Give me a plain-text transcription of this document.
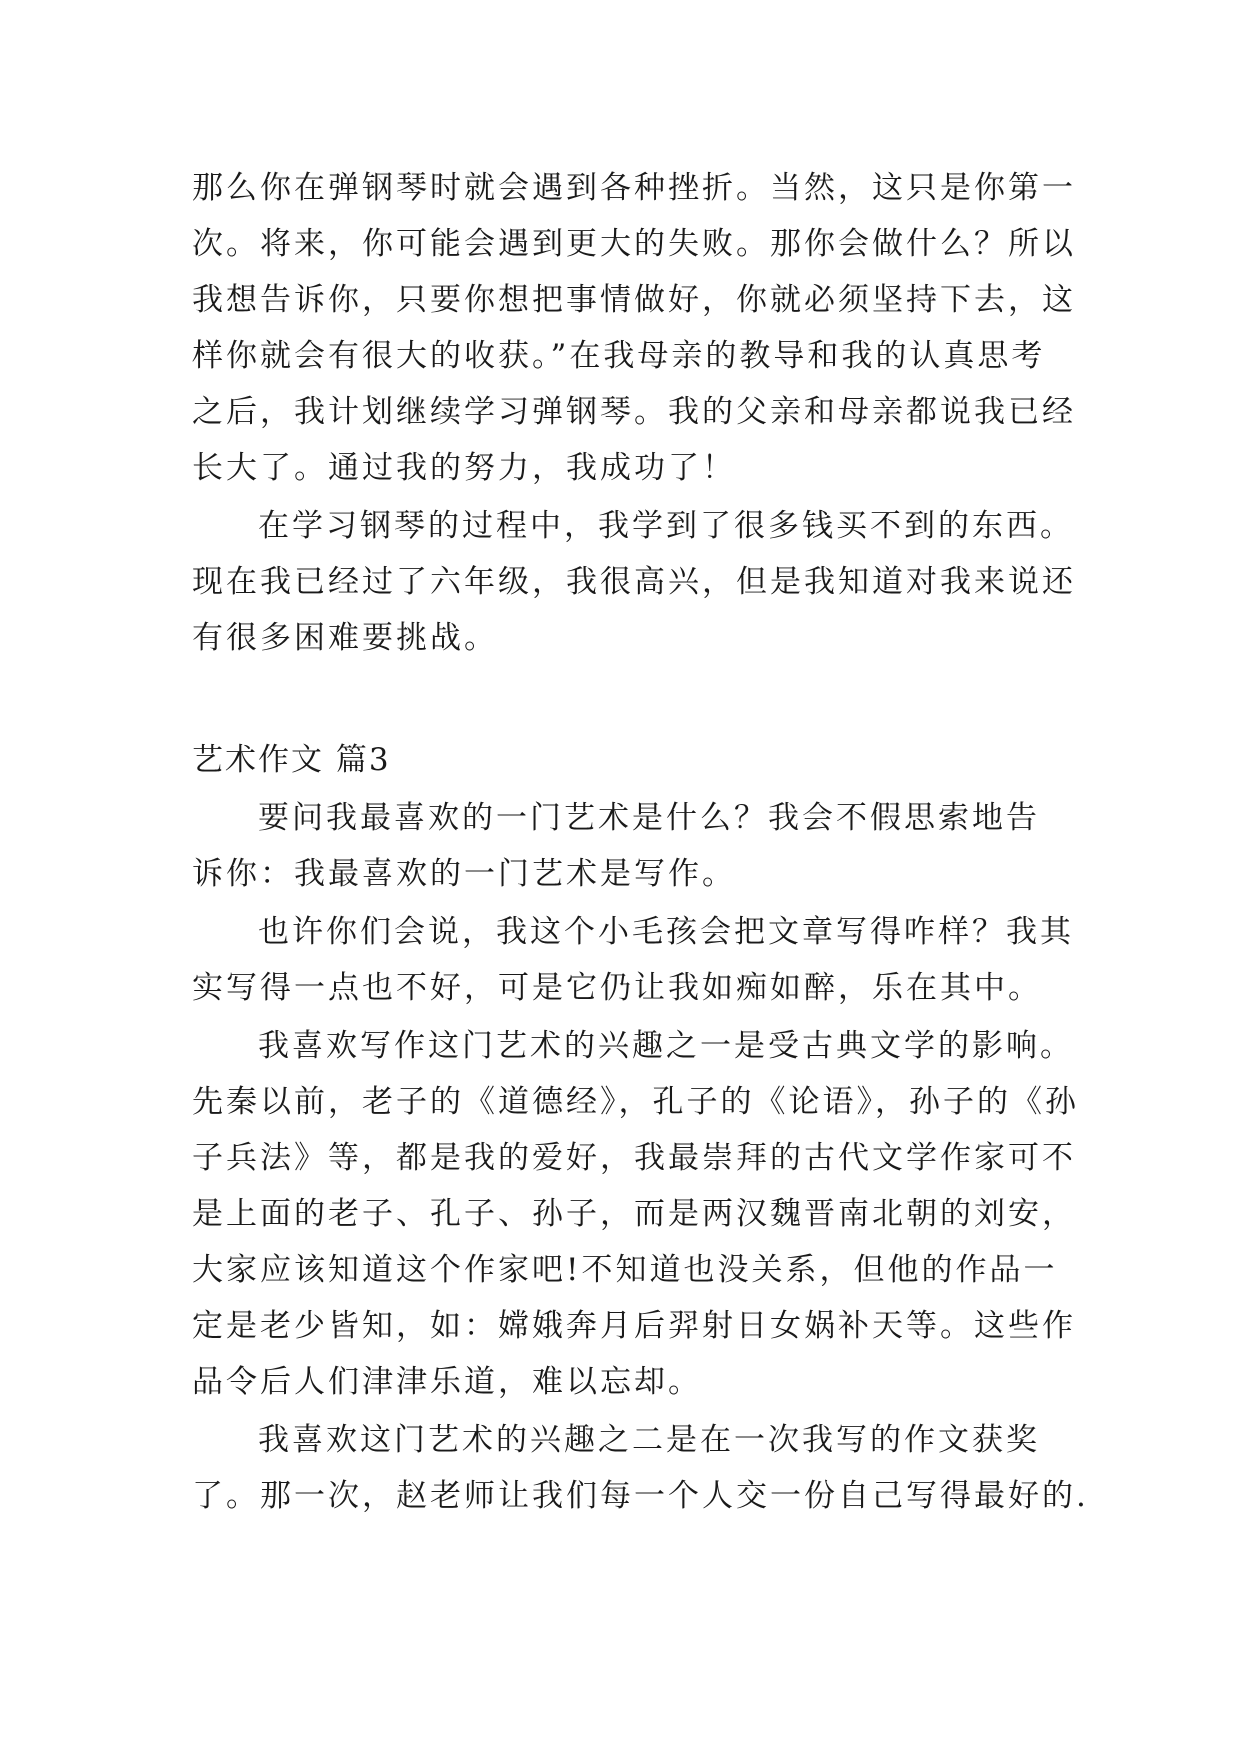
那么你在弹钢琴时就会遇到各种挫折。当然，这只是你第一

次。将来，你可能会遇到更大的失败。那你会做什么？所以

我想告诉你，只要你想把事情做好，你就必须坚持下去，这

样你就会有很大的收获。”在我母亲的教导和我的认真思考

之后，我计划继续学习弹钢琴。我的父亲和母亲都说我已经

长大了。通过我的努力，我成功了！

在学习钢琴的过程中，我学到了很多钱买不到的东西。

现在我已经过了六年级，我很高兴，但是我知道对我来说还

有很多困难要挑战。

艺术作文 篇3

要问我最喜欢的一门艺术是什么？我会不假思索地告

诉你：我最喜欢的一门艺术是写作。

也许你们会说，我这个小毛孩会把文章写得咋样？我其

实写得一点也不好，可是它仍让我如痴如醉，乐在其中。

我喜欢写作这门艺术的兴趣之一是受古典文学的影响。

先秦以前，老子的《道德经》，孔子的《论语》，孙子的《孙

子兵法》等，都是我的爱好，我最崇拜的古代文学作家可不

是上面的老子、孔子、孙子，而是两汉魏晋南北朝的刘安，

大家应该知道这个作家吧!不知道也没关系，但他的作品一

定是老少皆知，如：嫦娥奔月后羿射日女娲补天等。这些作

品令后人们津津乐道，难以忘却。

我喜欢这门艺术的兴趣之二是在一次我写的作文获奖

了。那一次，赵老师让我们每一个人交一份自己写得最好的.
